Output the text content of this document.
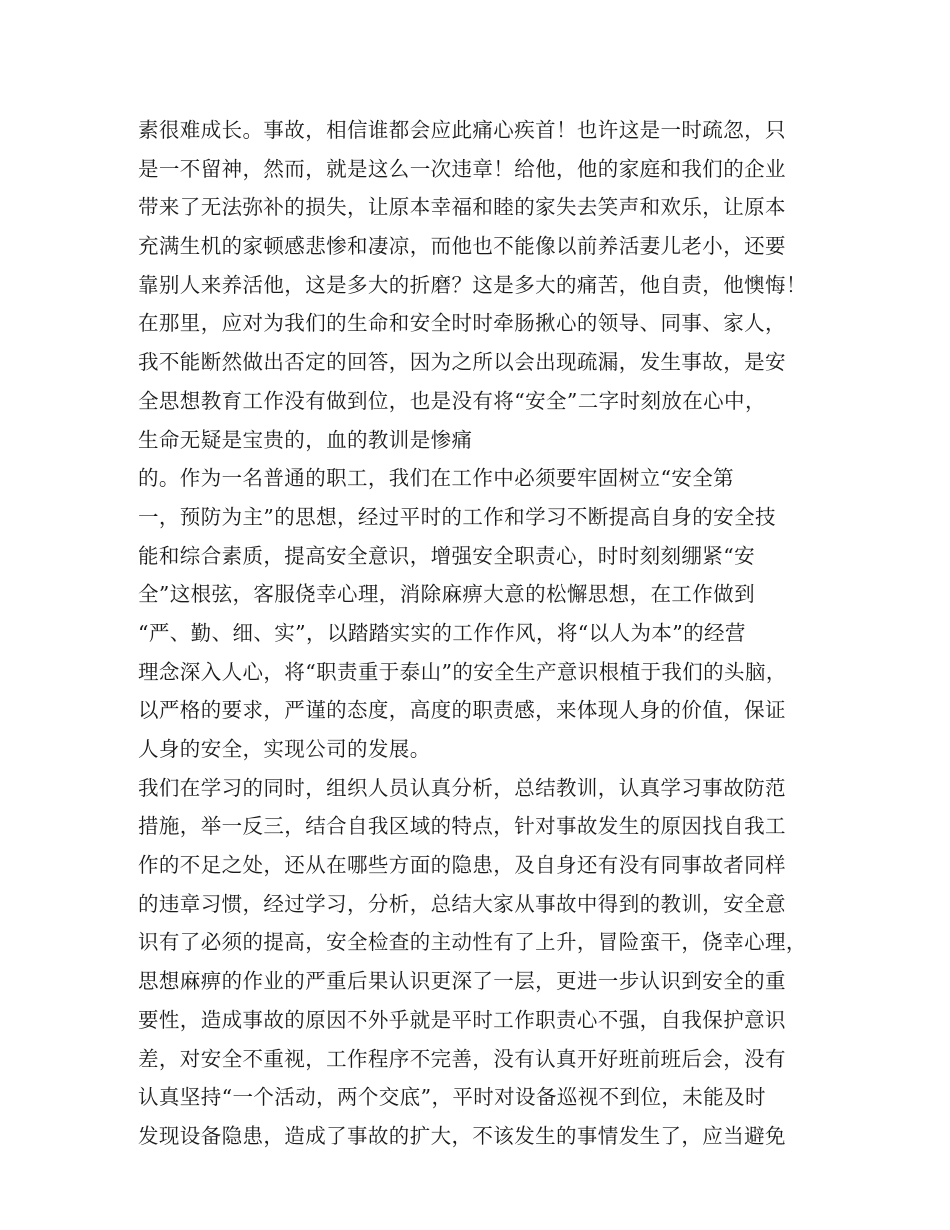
素很难成长。事故，相信谁都会应此痛心疾首！也许这是一时疏忽，只
是一不留神，然而，就是这么一次违章！给他，他的家庭和我们的企业
带来了无法弥补的损失，让原本幸福和睦的家失去笑声和欢乐，让原本
充满生机的家顿感悲惨和凄凉，而他也不能像以前养活妻儿老小，还要
靠别人来养活他，这是多大的折磨？这是多大的痛苦，他自责，他懊悔！
在那里，应对为我们的生命和安全时时牵肠揪心的领导、同事、家人，
我不能断然做出否定的回答，因为之所以会出现疏漏，发生事故，是安
全思想教育工作没有做到位，也是没有将“安全”二字时刻放在心中，
生命无疑是宝贵的，血的教训是惨痛
的。作为一名普通的职工，我们在工作中必须要牢固树立“安全第
一，预防为主”的思想，经过平时的工作和学习不断提高自身的安全技
能和综合素质，提高安全意识，增强安全职责心，时时刻刻绷紧“安
全”这根弦，客服侥幸心理，消除麻痹大意的松懈思想，在工作做到
“严、勤、细、实”，以踏踏实实的工作作风，将“以人为本”的经营
理念深入人心，将“职责重于泰山”的安全生产意识根植于我们的头脑，
以严格的要求，严谨的态度，高度的职责感，来体现人身的价值，保证
人身的安全，实现公司的发展。
我们在学习的同时，组织人员认真分析，总结教训，认真学习事故防范
措施，举一反三，结合自我区域的特点，针对事故发生的原因找自我工
作的不足之处，还从在哪些方面的隐患，及自身还有没有同事故者同样
的违章习惯，经过学习，分析，总结大家从事故中得到的教训，安全意
识有了必须的提高，安全检查的主动性有了上升，冒险蛮干，侥幸心理，
思想麻痹的作业的严重后果认识更深了一层，更进一步认识到安全的重
要性，造成事故的原因不外乎就是平时工作职责心不强，自我保护意识
差，对安全不重视，工作程序不完善，没有认真开好班前班后会，没有
认真坚持“一个活动，两个交底”，平时对设备巡视不到位，未能及时
发现设备隐患，造成了事故的扩大，不该发生的事情发生了，应当避免
